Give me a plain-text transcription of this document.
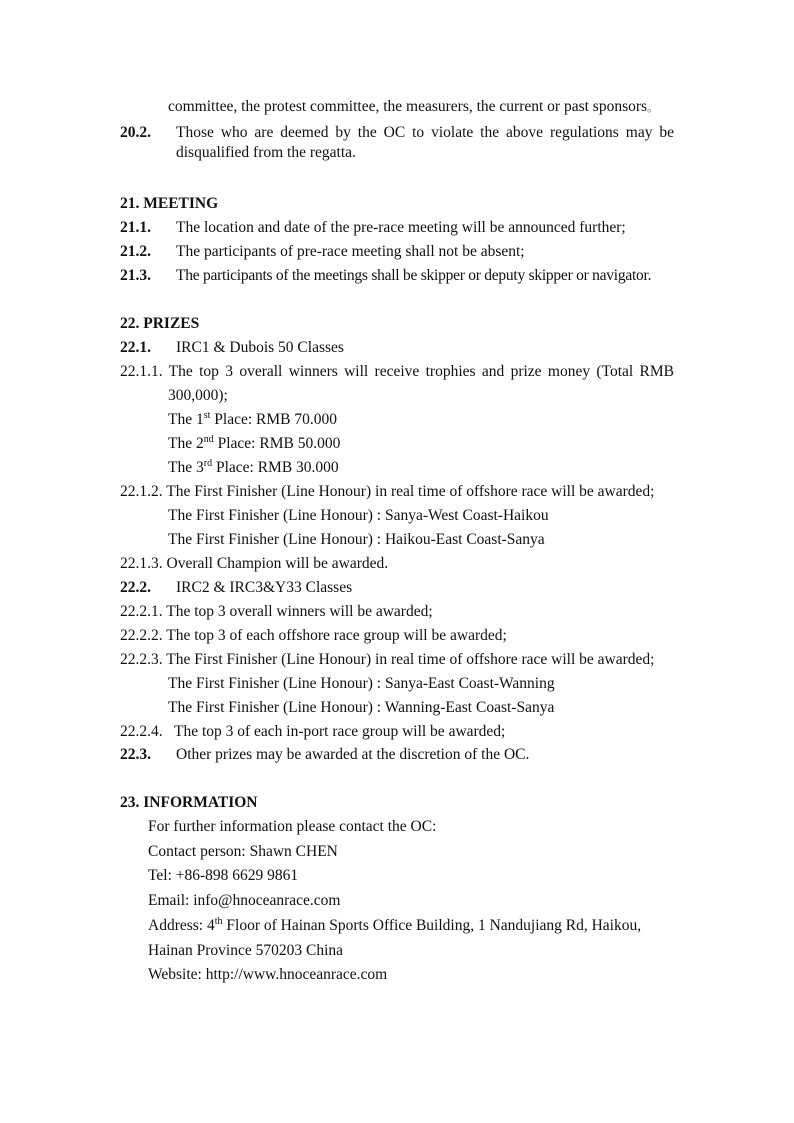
committee, the protest committee, the measurers, the current or past sponsors。
20.2. Those who are deemed by the OC to violate the above regulations may be disqualified from the regatta.
21. MEETING
21.1. The location and date of the pre-race meeting will be announced further;
21.2. The participants of pre-race meeting shall not be absent;
21.3. The participants of the meetings shall be skipper or deputy skipper or navigator.
22. PRIZES
22.1. IRC1 & Dubois 50 Classes
22.1.1. The top 3 overall winners will receive trophies and prize money (Total RMB
300,000);
The 1st Place: RMB 70.000
The 2nd Place: RMB 50.000
The 3rd Place: RMB 30.000
22.1.2. The First Finisher (Line Honour) in real time of offshore race will be awarded;
The First Finisher (Line Honour) : Sanya-West Coast-Haikou
The First Finisher (Line Honour) : Haikou-East Coast-Sanya
22.1.3. Overall Champion will be awarded.
22.2. IRC2 & IRC3&Y33 Classes
22.2.1. The top 3 overall winners will be awarded;
22.2.2. The top 3 of each offshore race group will be awarded;
22.2.3. The First Finisher (Line Honour) in real time of offshore race will be awarded;
The First Finisher (Line Honour) : Sanya-East Coast-Wanning
The First Finisher (Line Honour) : Wanning-East Coast-Sanya
22.2.4.   The top 3 of each in-port race group will be awarded;
22.3. Other prizes may be awarded at the discretion of the OC.
23. INFORMATION
For further information please contact the OC:
Contact person: Shawn CHEN
Tel: +86-898 6629 9861
Email: info@hnoceanrace.com
Address: 4th Floor of Hainan Sports Office Building, 1 Nandujiang Rd, Haikou,
Hainan Province 570203 China
Website: http://www.hnoceanrace.com
